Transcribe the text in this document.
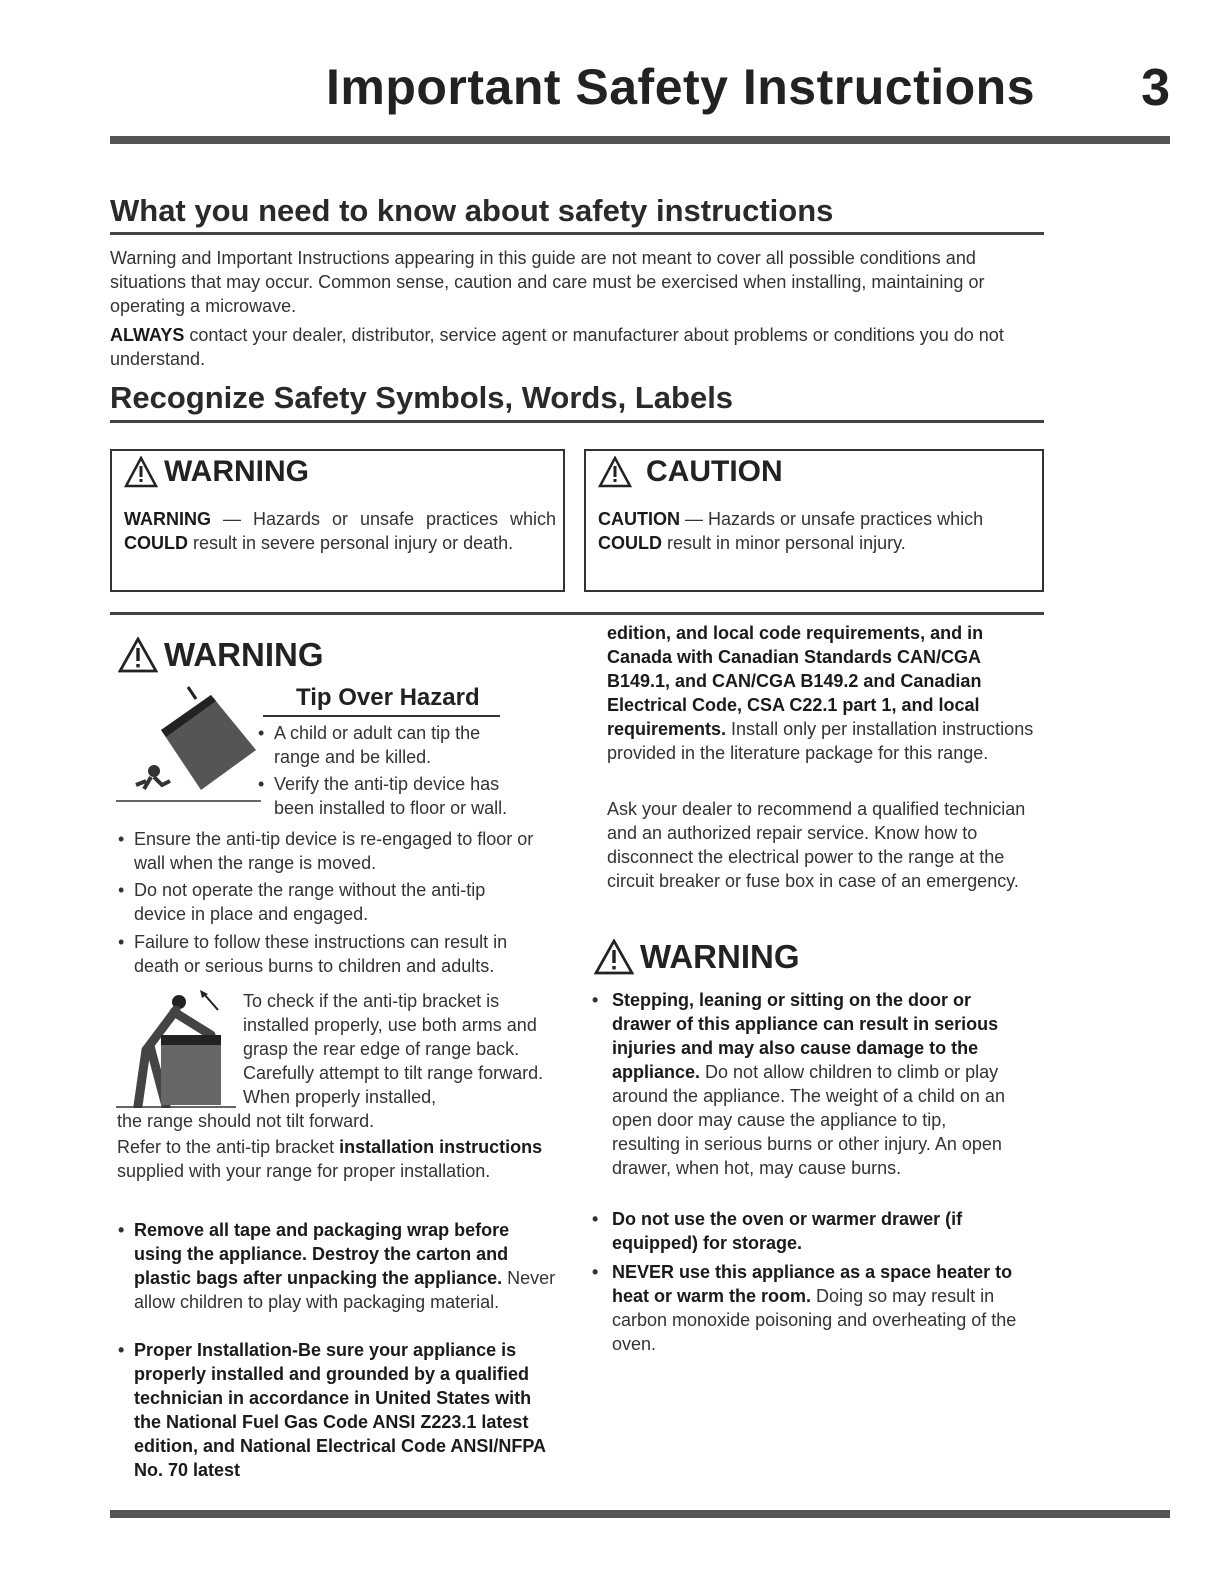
Important Safety Instructions 3
What you need to know about safety instructions
Warning and Important Instructions appearing in this guide are not meant to cover all possible conditions and situations that may occur. Common sense, caution and care must be exercised when installing, maintaining or operating a microwave.
ALWAYS contact your dealer, distributor, service agent or manufacturer about problems or conditions you do not understand.
Recognize Safety Symbols, Words, Labels
WARNING
WARNING — Hazards or unsafe practices which COULD result in severe personal injury or death.
CAUTION
CAUTION — Hazards or unsafe practices which COULD result in minor personal injury.
WARNING
Tip Over Hazard
• A child or adult can tip the range and be killed.
• Verify the anti-tip device has been installed to floor or wall.
• Ensure the anti-tip device is re-engaged to floor or wall when the range is moved.
• Do not operate the range without the anti-tip device in place and engaged.
• Failure to follow these instructions can result in death or serious burns to children and adults.
To check if the anti-tip bracket is installed properly, use both arms and grasp the rear edge of range back. Carefully attempt to tilt range forward. When properly installed,
the range should not tilt forward.
Refer to the anti-tip bracket installation instructions supplied with your range for proper installation.
• Remove all tape and packaging wrap before using the appliance. Destroy the carton and plastic bags after unpacking the appliance. Never allow children to play with packaging material.
• Proper Installation-Be sure your appliance is properly installed and grounded by a qualified technician in accordance in United States with the National Fuel Gas Code ANSI Z223.1 latest edition, and National Electrical Code ANSI/NFPA No. 70 latest
edition, and local code requirements, and in Canada with Canadian Standards CAN/CGA B149.1, and CAN/CGA B149.2 and Canadian Electrical Code, CSA C22.1 part 1, and local requirements. Install only per installation instructions provided in the literature package for this range.
Ask your dealer to recommend a qualified technician and an authorized repair service. Know how to disconnect the electrical power to the range at the circuit breaker or fuse box in case of an emergency.
WARNING
• Stepping, leaning or sitting on the door or drawer of this appliance can result in serious injuries and may also cause damage to the appliance. Do not allow children to climb or play around the appliance. The weight of a child on an open door may cause the appliance to tip, resulting in serious burns or other injury. An open drawer, when hot, may cause burns.
• Do not use the oven or warmer drawer (if equipped) for storage.
• NEVER use this appliance as a space heater to heat or warm the room. Doing so may result in carbon monoxide poisoning and overheating of the oven.
